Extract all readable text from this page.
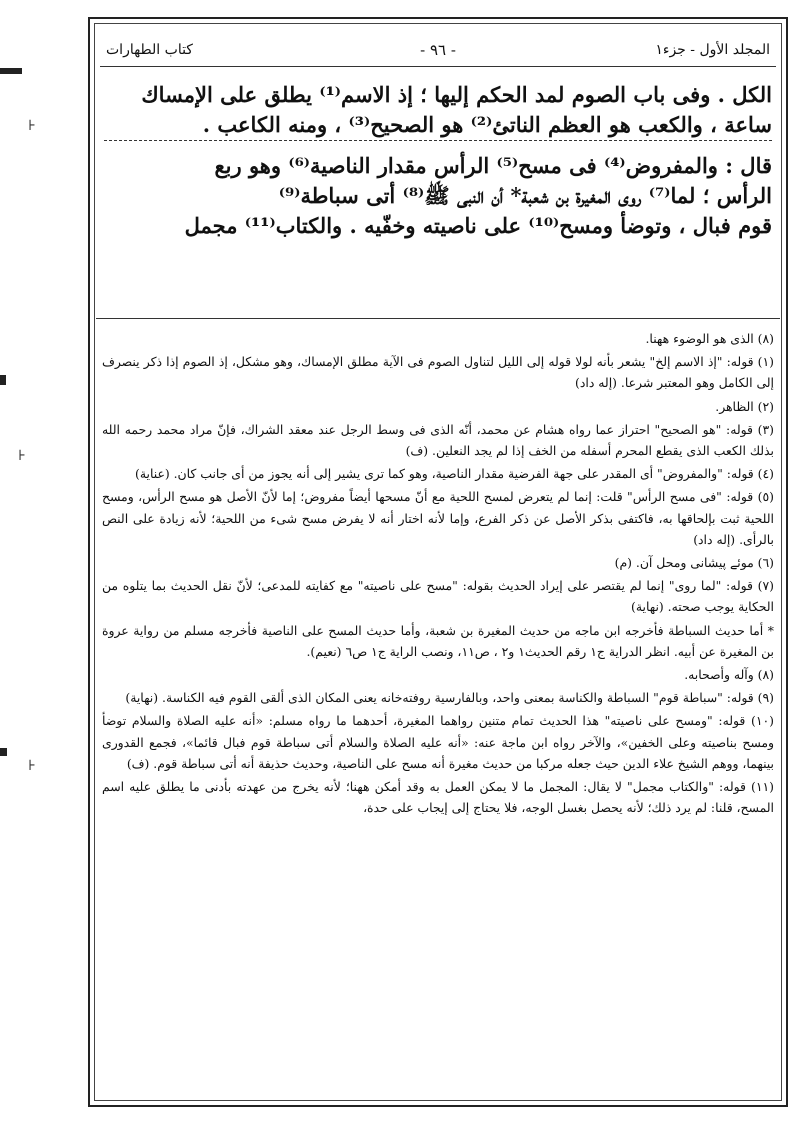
⊦
⊦
⊦
المجلد الأول - جزء١
- ٩٦ -
كتاب الطهارات

الكل . وفى باب الصوم لمد الحكم إليها ؛ إذ الاسم⁽¹⁾ يطلق على الإمساك

ساعة ، والكعب هو العظم الناتئ⁽²⁾ هو الصحيح⁽³⁾ ، ومنه الكاعب .

قال : والمفروض⁽⁴⁾ فى مسح⁽⁵⁾ الرأس مقدار الناصية⁽⁶⁾ وهو ربع

الرأس ؛ لما⁽⁷⁾ روى المغيرة بن شعبة* أن النبى ﷺ⁽⁸⁾ أتى سباطة⁽⁹⁾

قوم فبال ، وتوضأ ومسح⁽¹⁰⁾ على ناصيته وخفّيه . والكتاب⁽¹¹⁾ مجمل

(٨) الذى هو الوضوء ههنا.

(١) قوله: "إذ الاسم إلخ" يشعر بأنه لولا قوله إلى الليل لتناول الصوم فى الآية مطلق الإمساك، وهو مشكل، إذ الصوم إذا ذكر ينصرف إلى الكامل وهو المعتبر شرعا. (إله داد)

(٢) الظاهر.

(٣) قوله: "هو الصحيح" احتراز عما رواه هشام عن محمد، أنّه الذى فى وسط الرجل عند معقد الشراك، فإنّ مراد محمد رحمه الله بذلك الكعب الذى يقطع المحرم أسفله من الخف إذا لم يجد النعلين. (ف)

(٤) قوله: "والمفروض" أى المقدر على جهة الفرضية مقدار الناصية، وهو كما ترى يشير إلى أنه يجوز من أى جانب كان. (عناية)

(٥) قوله: "فى مسح الرأس" قلت: إنما لم يتعرض لمسح اللحية مع أنّ مسحها أيضاً مفروض؛ إما لأنّ الأصل هو مسح الرأس، ومسح اللحية ثبت بإلحاقها به، فاكتفى بذكر الأصل عن ذكر الفرع، وإما لأنه اختار أنه لا يفرض مسح شىء من اللحية؛ لأنه زيادة على النص بالرأى. (إله داد)

(٦) موئے پیشانی ومحل آن. (م)

(٧) قوله: "لما روى" إنما لم يقتصر على إيراد الحديث بقوله: "مسح على ناصيته" مع كفايته للمدعى؛ لأنّ نقل الحديث بما يتلوه من الحكاية يوجب صحته. (نهاية)

* أما حديث السباطة فأخرجه ابن ماجه من حديث المغيرة بن شعبة، وأما حديث المسح على الناصية فأخرجه مسلم من رواية عروة بن المغيرة عن أبيه. انظر الدراية ج١ رقم الحديث١ و٢ ، ص١١، ونصب الراية ج١ ص٦ (نعيم).

(٨) وآله وأصحابه.

(٩) قوله: "سباطة قوم" السباطة والكناسة بمعنى واحد، وبالفارسية روفته‌خانه يعنى المكان الذى ألقى القوم فيه الكناسة. (نهاية)

(١٠) قوله: "ومسح على ناصيته" هذا الحديث تمام متنين رواهما المغيرة، أحدهما ما رواه مسلم: «أنه عليه الصلاة والسلام توضأ ومسح بناصيته وعلى الخفين»، والآخر رواه ابن ماجة عنه: «أنه عليه الصلاة والسلام أتى سباطة قوم فبال قائما»، فجمع القدورى بينهما، ووهم الشيخ علاء الدين حيث جعله مركبا من حديث مغيرة أنه مسح على الناصية، وحديث حذيفة أنه أتى سباطة قوم. (ف)

(١١) قوله: "والكتاب مجمل" لا يقال: المجمل ما لا يمكن العمل به وقد أمكن ههنا؛ لأنه يخرج من عهدته بأدنى ما يطلق عليه اسم المسح، قلنا: لم يرد ذلك؛ لأنه يحصل بغسل الوجه، فلا يحتاج إلى إيجاب على حدة،
